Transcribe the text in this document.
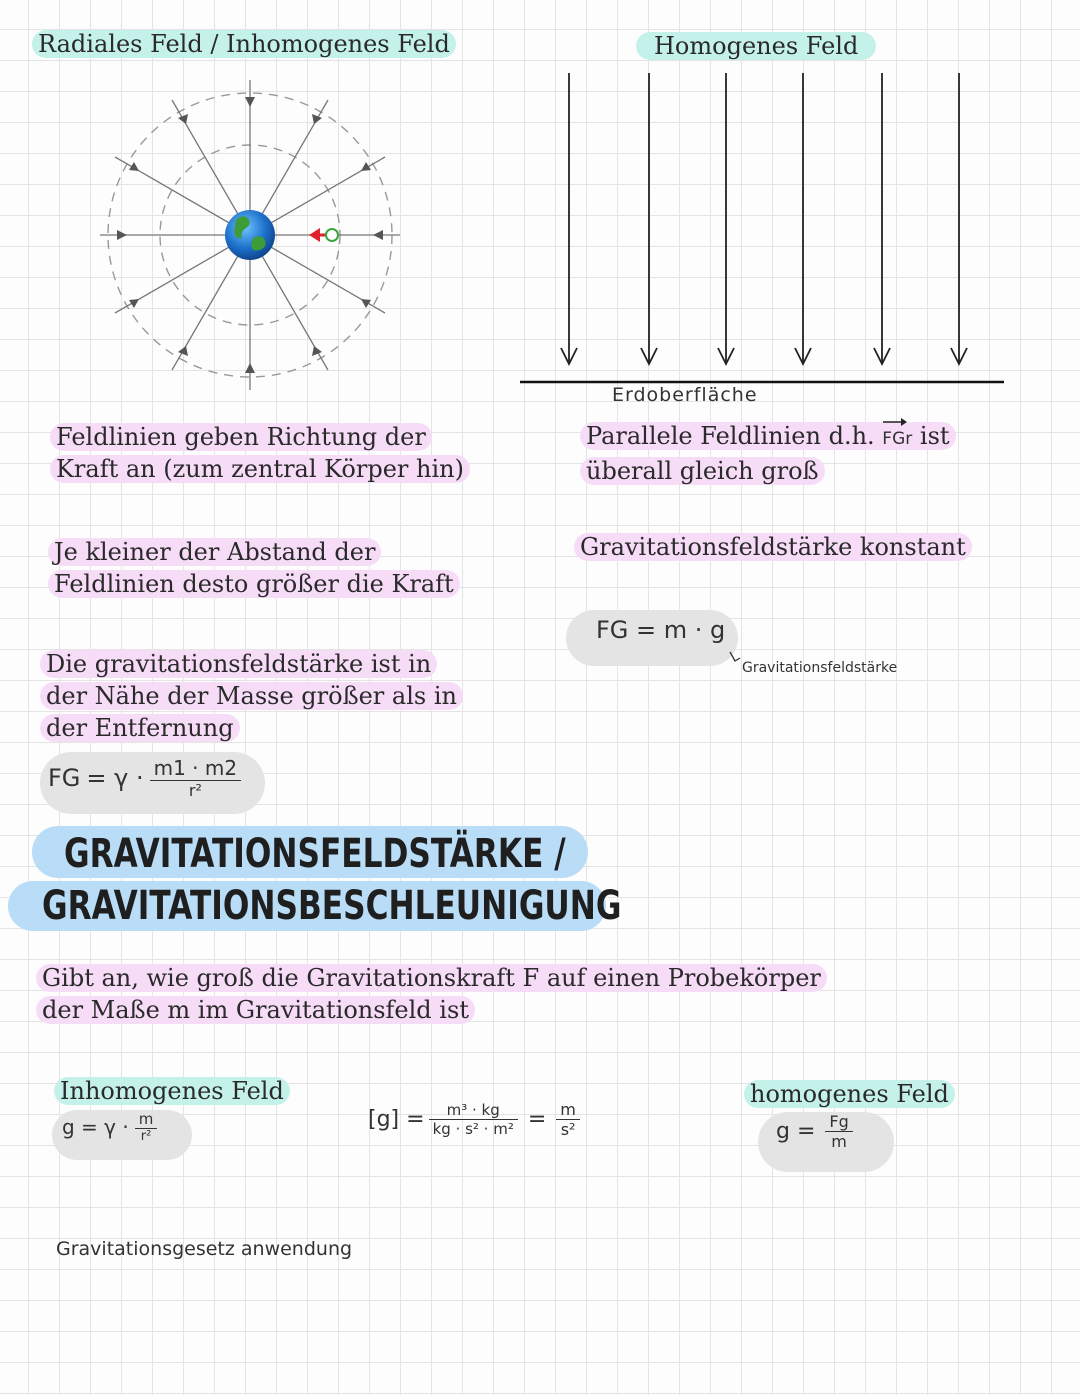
Radiales Feld / Inhomogenes Feld
Feldlinien geben Richtung der Kraft an (zum zentral Körper hin)
Je kleiner der Abstand der Feldlinien desto größer die Kraft
Die gravitationsfeldstärke ist in der Nähe der Masse größer als in der Entfernung
FG = $\gamma \cdot \frac{m1 \cdot m2}{\text{r²}}$
Homogenes Feld
Erdoberfläche
Parallele Feldlinien d.h. FGr ist überall gleich groß
Gravitationsfeldstärke konstant
FG = m · g
Gravitationsfeldstärke
GRAVITATIONSFELDSTÄRKE /
GRAVITATIONSBESCHLEUNIGUNG
Gibt an, wie groß die Gravitationskraft F auf einen Probekörper der Maße m im Gravitationsfeld ist
Inhomogenes Feld
$g = \gamma \cdot \frac{m}{\text{r²}}$	$[g] = \frac{\text{m³ · kg}}{\text{kg · s² · m²}} = \frac{m}{\text{s²}}$
homogenes Feld
$g = \frac{Fg}{m}$
Gravitationsgesetz anwendung
